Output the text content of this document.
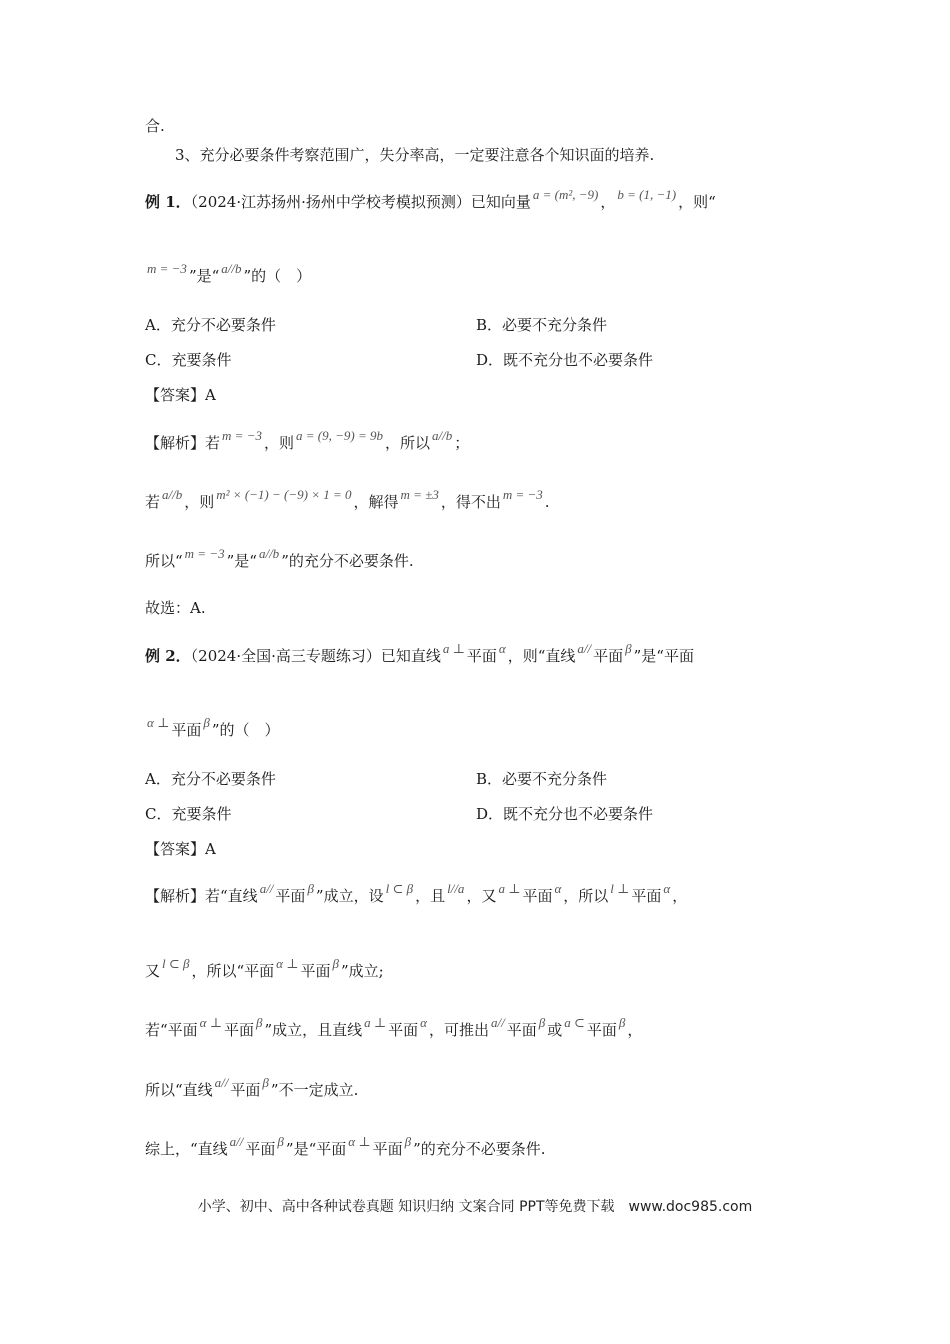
合.
3、充分必要条件考察范围广，失分率高，一定要注意各个知识面的培养.
例 1．（2024·江苏扬州·扬州中学校考模拟预测）已知向量 a = (m², −9) ， b = (1, −1) ，则“
m = −3 ”是“ a//b ”的（　）
A．充分不必要条件	B．必要不充分条件
C．充要条件	D．既不充分也不必要条件
【答案】A
【解析】若 m = −3 ，则 a = (9, −9) = 9b ，所以 a//b ；
若 a//b ，则 m² × (−1) − (−9) × 1 = 0 ，解得 m = ±3 ，得不出 m = −3 .
所以“ m = −3 ”是“ a//b ”的充分不必要条件.
故选：A.
例 2．（2024·全国·高三专题练习）已知直线 a ⊥ 平面 α ，则“直线 a// 平面 β ”是“平面
α ⊥ 平面 β ”的（　）
A．充分不必要条件	B．必要不充分条件
C．充要条件	D．既不充分也不必要条件
【答案】A
【解析】若“直线 a// 平面 β ”成立，设 l ⊂ β ，且 l//a ，又 a ⊥ 平面 α ，所以 l ⊥ 平面 α ，
又 l ⊂ β ，所以“平面 α ⊥ 平面 β ”成立;
若“平面 α ⊥ 平面 β ”成立，且直线 a ⊥ 平面 α ，可推出 a// 平面 β 或 a ⊂ 平面 β ，
所以“直线 a// 平面 β ”不一定成立.
综上，“直线 a// 平面 β ”是“平面 α ⊥ 平面 β ”的充分不必要条件.
小学、初中、高中各种试卷真题 知识归纳 文案合同 PPT等免费下载　www.doc985.com
